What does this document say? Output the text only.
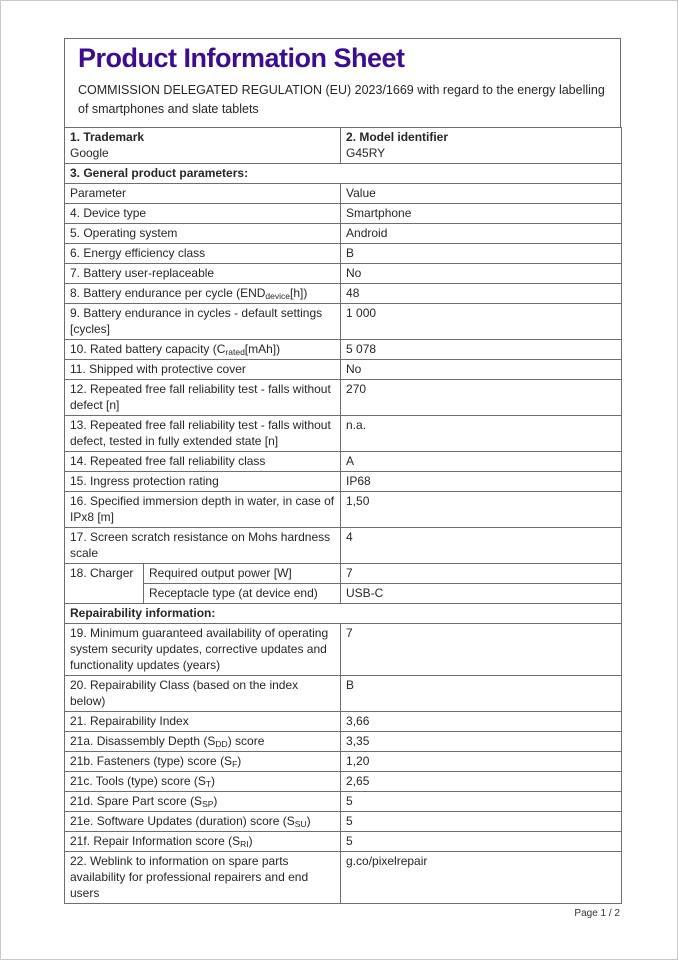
Product Information Sheet

COMMISSION DELEGATED REGULATION (EU) 2023/1669 with regard to the energy labelling of smartphones and slate tablets

1. Trademark
Google

2. Model identifier
G45RY

3. General product parameters:		
Parameter		Value
4. Device type		Smartphone
5. Operating system		Android
6. Energy efficiency class		B
7. Battery user-replaceable		No
8. Battery endurance per cycle $(END_{device}[h])$		48
9. Battery endurance in cycles - default settings [cycles]		1 000
10. Rated battery capacity $(C_{rated}[mAh])$		5 078
11. Shipped with protective cover		No
12. Repeated free fall reliability test - falls without defect [n]		270
13. Repeated free fall reliability test - falls without defect, tested in fully extended state [n]		n.a.
14. Repeated free fall reliability class		A
15. Ingress protection rating		IP68
16. Specified immersion depth in water, in case of IPx8 [m]		1,50
17. Screen scratch resistance on Mohs hardness scale		4
18. Charger	Required output power [W]	7
	Receptacle type (at device end)	USB-C
Repairability information:		
19. Minimum guaranteed availability of operating system security updates, corrective updates and functionality updates (years)		7
20. Repairability Class (based on the index below)		B
21. Repairability Index		3,66
21a. Disassembly Depth $(S_{DD})$ score		3,35
21b. Fasteners (type) score $(S_F)$		1,20
21c. Tools (type) score $(S_T)$		2,65
21d. Spare Part score $(S_{SP})$		5
21e. Software Updates (duration) score $(S_{SU})$		5
21f. Repair Information score $(S_{RI})$		5
22. Weblink to information on spare parts availability for professional repairers and end users		g.co/pixelrepair
Page 1 / 2
